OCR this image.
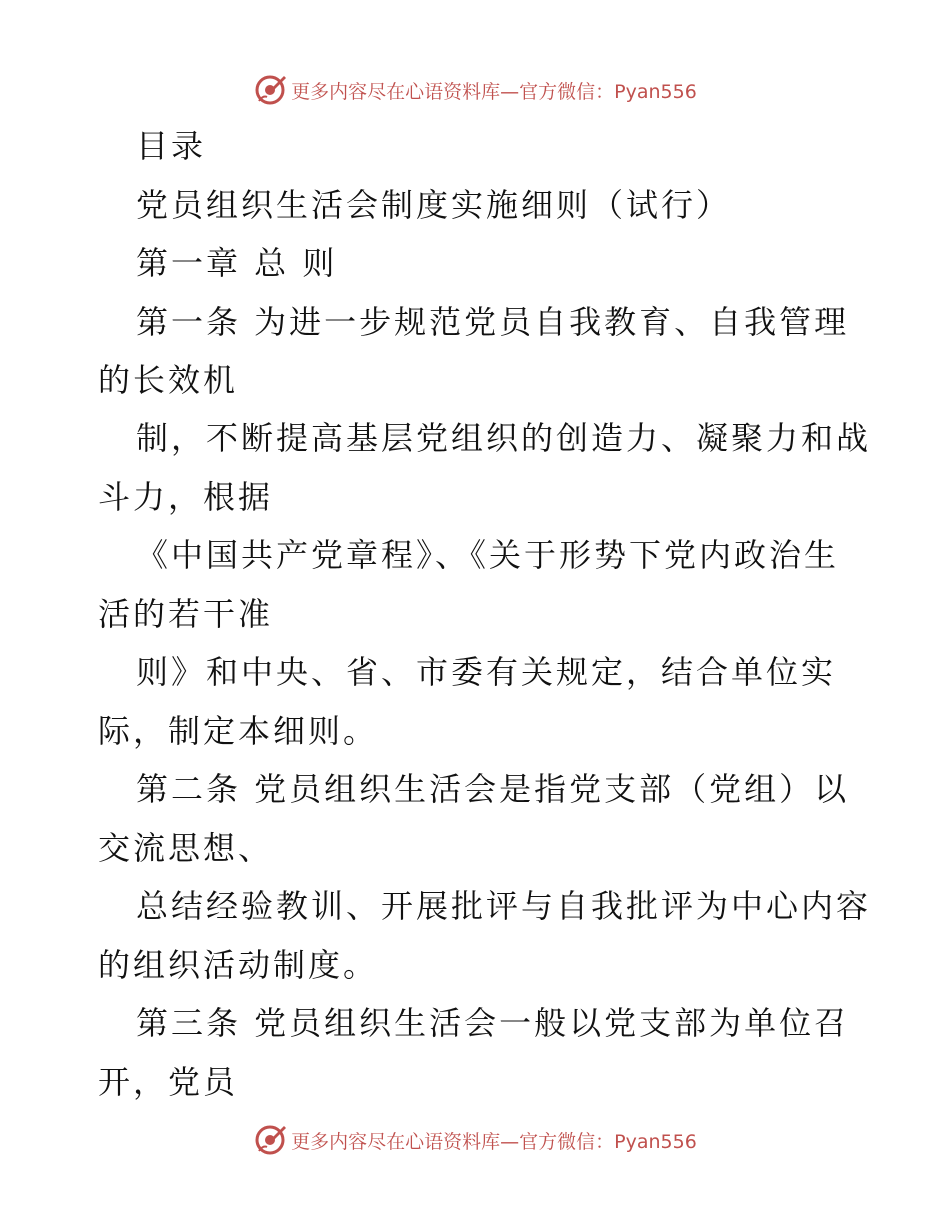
更多内容尽在心语资料库—官方微信：Pyan556
目录
党员组织生活会制度实施细则（试行）
第一章 总 则
第一条 为进一步规范党员自我教育、自我管理
的长效机
制，不断提高基层党组织的创造力、凝聚力和战
斗力，根据
《中国共产党章程》、《关于形势下党内政治生
活的若干准
则》和中央、省、市委有关规定，结合单位实
际，制定本细则。
第二条 党员组织生活会是指党支部（党组）以
交流思想、
总结经验教训、开展批评与自我批评为中心内容
的组织活动制度。
第三条 党员组织生活会一般以党支部为单位召
开，党员
更多内容尽在心语资料库—官方微信：Pyan556
